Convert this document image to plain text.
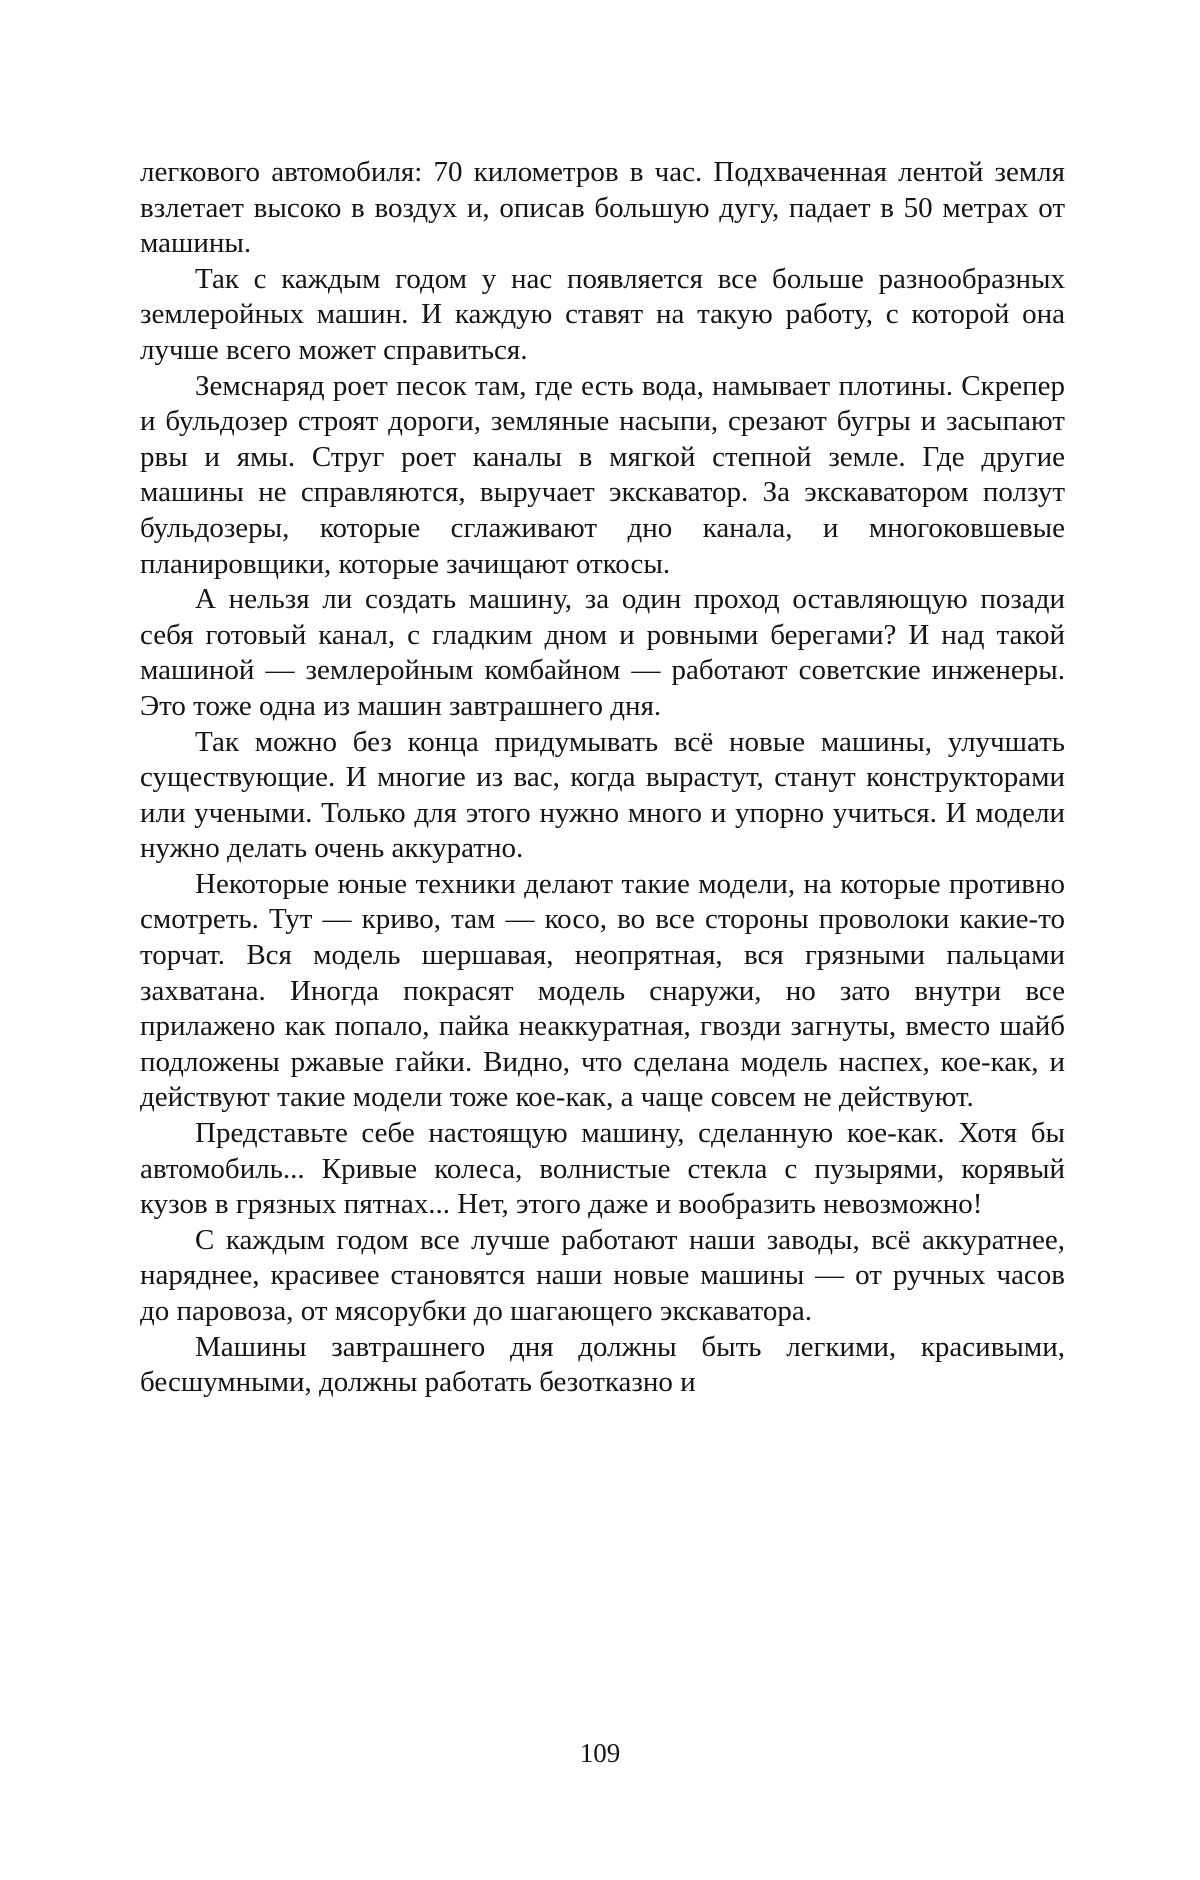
легкового автомобиля: 70 километров в час. Подхваченная лентой земля взлетает высоко в воздух и, описав большую дугу, падает в 50 метрах от машины.

Так с каждым годом у нас появляется все больше разнообразных землеройных машин. И каждую ставят на такую работу, с которой она лучше всего может справиться.

Земснаряд роет песок там, где есть вода, намывает плотины. Скрепер и бульдозер строят дороги, земляные насыпи, срезают бугры и засыпают рвы и ямы. Струг роет каналы в мягкой степной земле. Где другие машины не справляются, выручает экскаватор. За экскаватором ползут бульдозеры, которые сглаживают дно канала, и многоковшевые планировщики, которые зачищают откосы.

А нельзя ли создать машину, за один проход оставляющую позади себя готовый канал, с гладким дном и ровными берегами? И над такой машиной — землеройным комбайном — работают советские инженеры. Это тоже одна из машин завтрашнего дня.

Так можно без конца придумывать всё новые машины, улучшать существующие. И многие из вас, когда вырастут, станут конструкторами или учеными. Только для этого нужно много и упорно учиться. И модели нужно делать очень аккуратно.

Некоторые юные техники делают такие модели, на которые противно смотреть. Тут — криво, там — косо, во все стороны проволоки какие-то торчат. Вся модель шершавая, неопрятная, вся грязными пальцами захватана. Иногда покрасят модель снаружи, но зато внутри все прилажено как попало, пайка неаккуратная, гвозди загнуты, вместо шайб подложены ржавые гайки. Видно, что сделана модель наспех, кое-как, и действуют такие модели тоже кое-как, а чаще совсем не действуют.

Представьте себе настоящую машину, сделанную кое-как. Хотя бы автомобиль... Кривые колеса, волнистые стекла с пузырями, корявый кузов в грязных пятнах... Нет, этого даже и вообразить невозможно!

С каждым годом все лучше работают наши заводы, всё аккуратнее, наряднее, красивее становятся наши новые машины — от ручных часов до паровоза, от мясорубки до шагающего экскаватора.

Машины завтрашнего дня должны быть легкими, красивыми, бесшумными, должны работать безотказно и

109
